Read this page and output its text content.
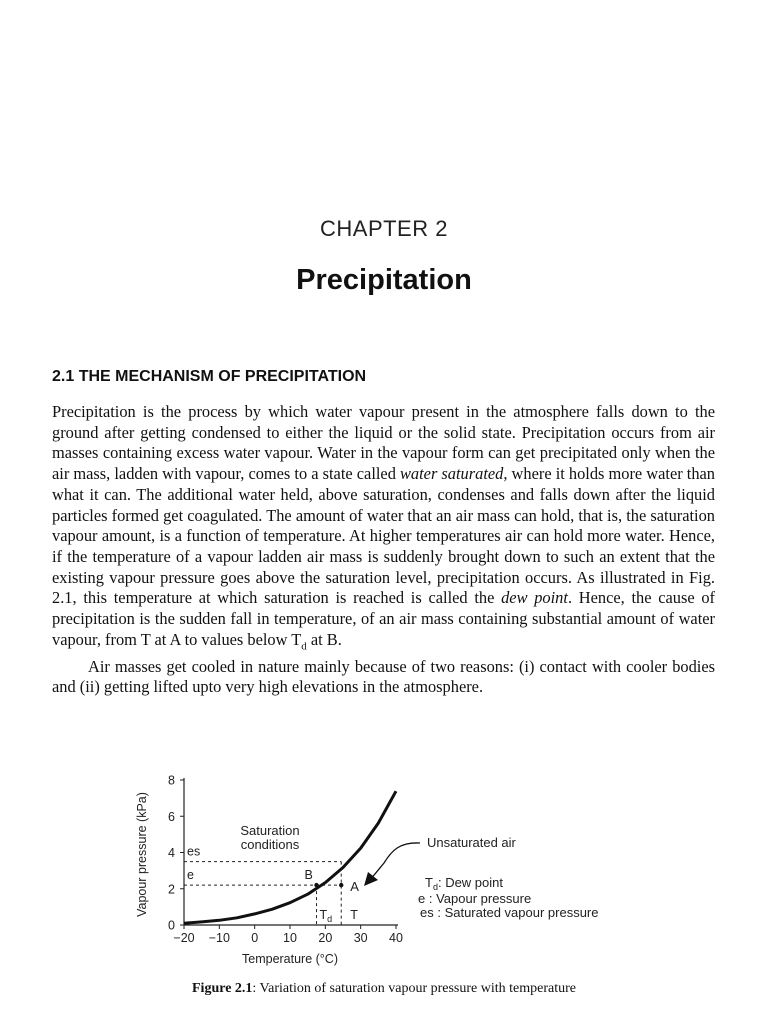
CHAPTER 2
Precipitation
2.1 THE MECHANISM OF PRECIPITATION

Precipitation is the process by which water vapour present in the atmosphere falls down to the ground after getting condensed to either the liquid or the solid state. Precipitation occurs from air masses containing excess water vapour. Water in the vapour form can get precipitated only when the air mass, ladden with vapour, comes to a state called water saturated, where it holds more water than what it can. The additional water held, above saturation, condenses and falls down after the liquid particles formed get coagulated. The amount of water that an air mass can hold, that is, the saturation vapour amount, is a function of temperature. At higher temperatures air can hold more water. Hence, if the temperature of a vapour ladden air mass is suddenly brought down to such an extent that the existing vapour pressure goes above the saturation level, precipitation occurs. As illustrated in Fig. 2.1, this temperature at which saturation is reached is called the dew point. Hence, the cause of precipitation is the sudden fall in temperature, of an air mass containing substantial amount of water vapour, from T at A to values below $T_d$ at B.

Air masses get cooled in nature mainly because of two reasons: (i) contact with cooler bodies and (ii) getting lifted upto very high elevations in the atmosphere.

−20 −10 0 10 20 30 40
0
2
4
6
8
Temperature (°C)
Vapour pressure (kPa)	es
e
A
B
$T_d$ T
Saturation
conditions	Unsaturated air
$T_d$: Dew point
e : Vapour pressure
es : Saturated vapour pressure
Figure 2.1: Variation of saturation vapour pressure with temperature
